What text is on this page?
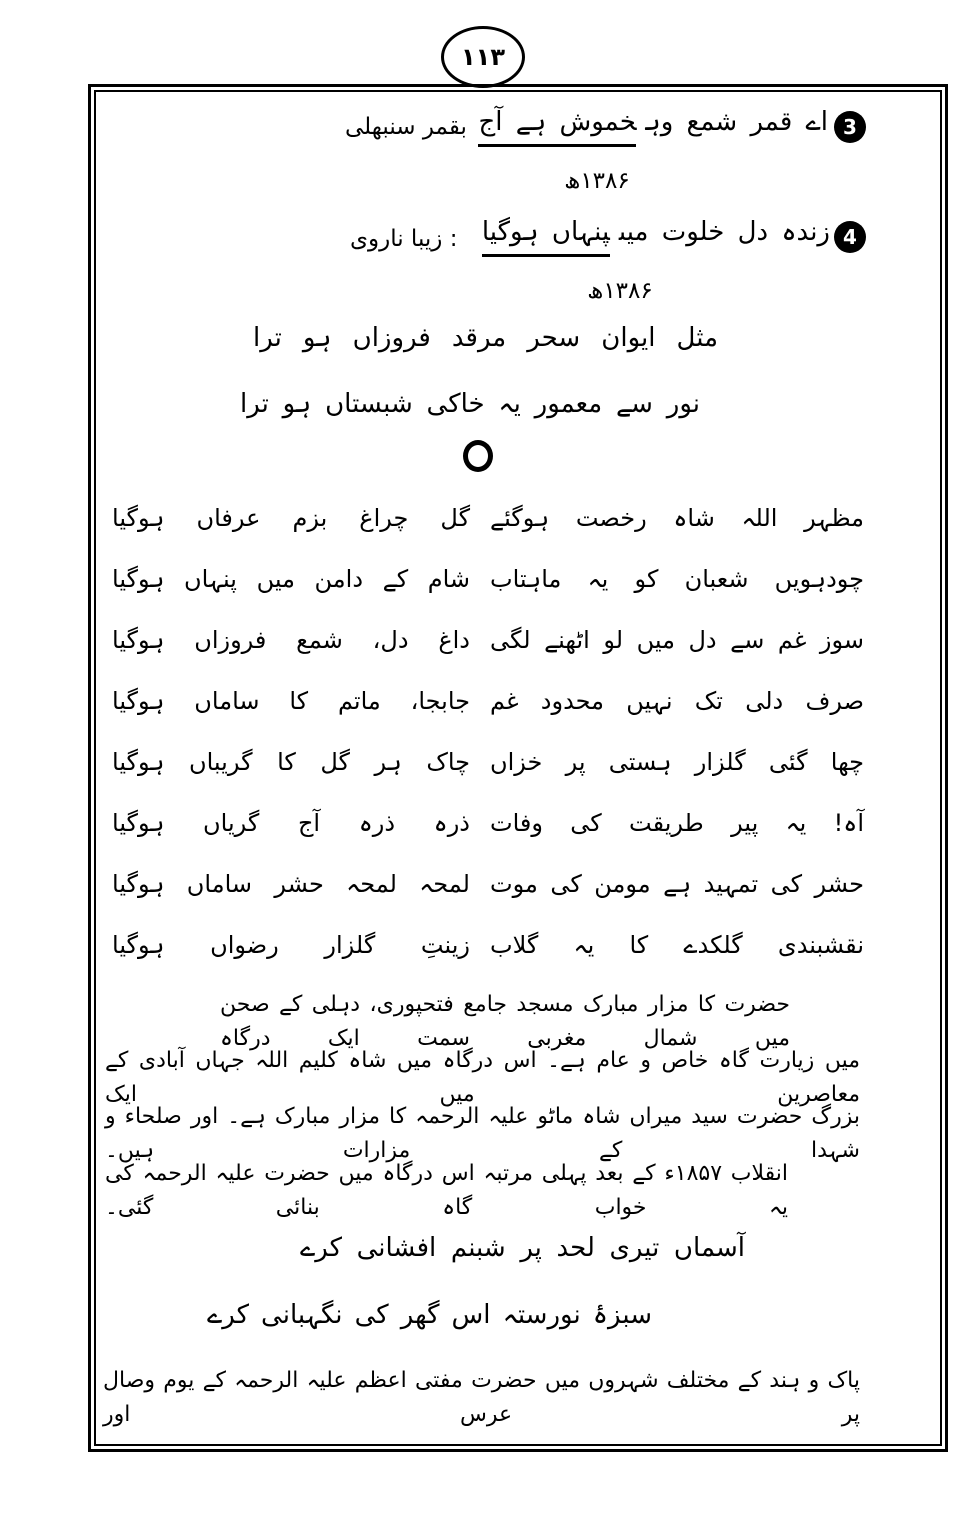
۱۱۳
3
اے قمر شمع وہخموش ہے آج
بقمر سنبھلی
۱۳۸۶ھ
4
زندہ دل خلوت میںپنہاں ہوگیا
: زیبا ناروی
۱۳۸۶ھ
مثل ایوان سحر مرقد فروزاں ہو ترا
نور سے معمور یہ خاکی شبستاں ہو ترا
مظہر اللہ شاہ رخصت ہوگئے
گل چراغ بزم عرفاں ہوگیا
چودہویں شعبان کو یہ ماہتاب
شام کے دامن میں پنہاں ہوگیا
سوز غم سے دل میں لو اٹھنے لگی
داغ دل، شمع فروزاں ہوگیا
صرف دلی تک نہیں محدود غم
جابجا، ماتم کا ساماں ہوگیا
چھا گئی گلزار ہستی پر خزاں
چاک ہر گل کا گریباں ہوگیا
آہ! یہ پیر طریقت کی وفات
ذرہ ذرہ آج گریاں ہوگیا
حشر کی تمہید ہے مومن کی موت
لمحہ لمحہ حشر ساماں ہوگیا
نقشبندی گلکدے کا یہ گلاب
زینتِ گلزار رضواں ہوگیا
حضرت کا مزار مبارک مسجد جامع فتحپوری، دہلی کے صحن میں شمال مغربی سمت ایک درگاہ
میں زیارت گاہ خاص و عام ہے۔ اس درگاہ میں شاہ کلیم اللہ جہاں آبادی کے معاصرین میں ایک
بزرگ حضرت سید میراں شاہ ماٹو علیہ الرحمہ کا مزار مبارک ہے۔ اور صلحاء و شہدا کے مزارات ہیں۔
انقلاب ۱۸۵۷ء کے بعد پہلی مرتبہ اس درگاہ میں حضرت علیہ الرحمہ کی یہ خواب گاہ بنائی گئی۔
آسماں تیری لحد پر شبنم افشانی کرے
سبزۂ نورستہ اس گھر کی نگہبانی کرے
پاک و ہند کے مختلف شہروں میں حضرت مفتی اعظم علیہ الرحمہ کے یوم وصال پر عرس اور
